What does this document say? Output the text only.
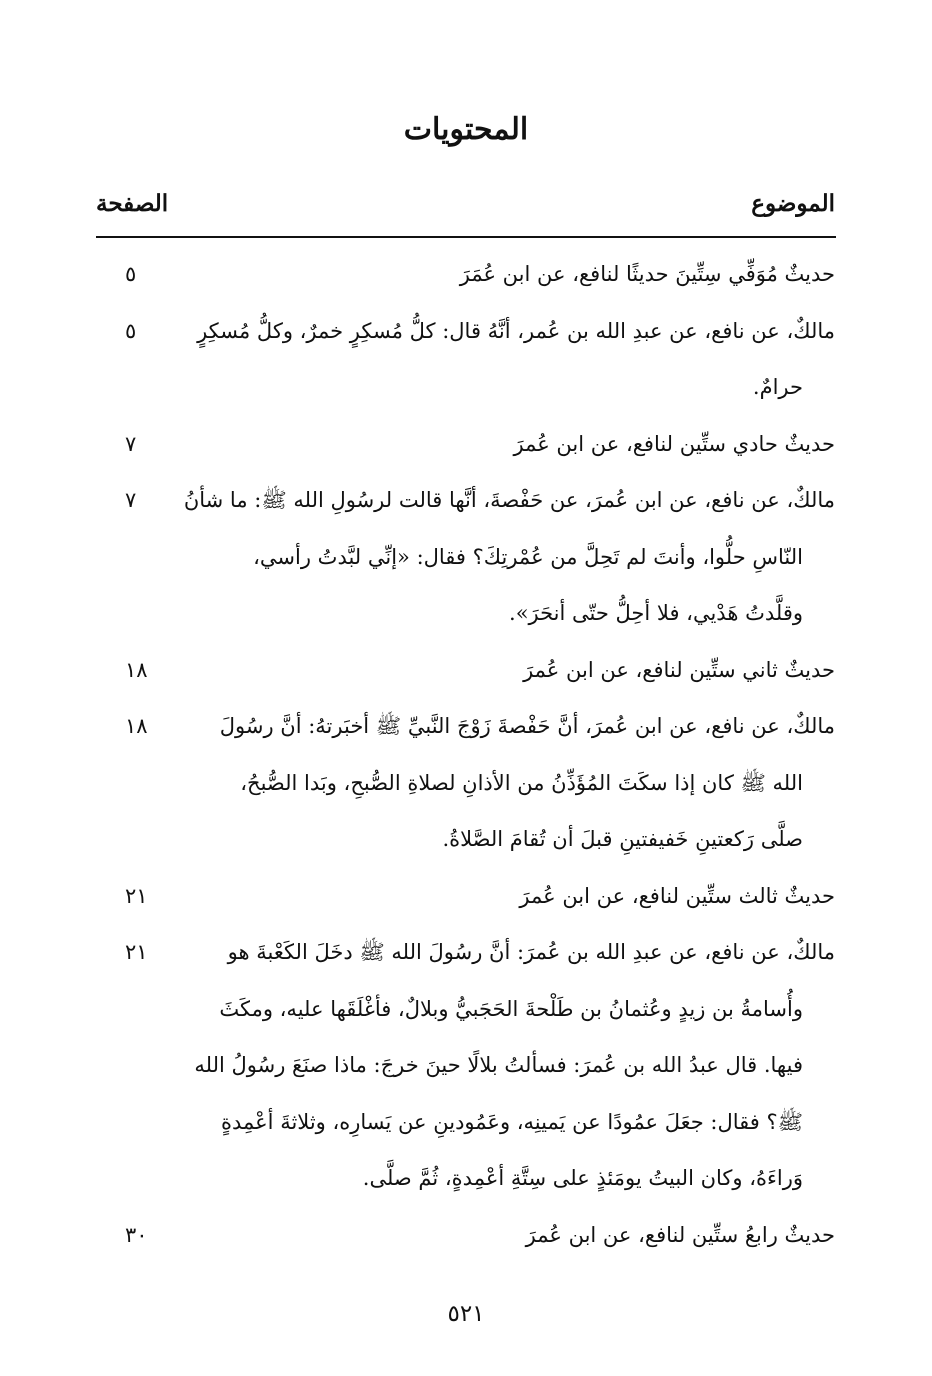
المحتويات
الموضوع
الصفحة
حديثٌ مُوَفِّي سِتِّينَ حديثًا لنافع، عن ابن عُمَرَ
٥
مالكٌ، عن نافع، عن عبدِ الله بن عُمر، أنَّهُ قال: كلُّ مُسكِرٍ خمرٌ، وكلُّ مُسكِرٍ
حرامٌ.
٥
حديثٌ حادي ستِّين لنافع، عن ابن عُمرَ
٧
مالكٌ، عن نافع، عن ابن عُمرَ، عن حَفْصةَ، أنَّها قالت لرسُولِ الله ﷺ: ما شأنُ
النّاسِ حلُّوا، وأنتَ لم تَحِلَّ من عُمْرتِكَ؟ فقال: «إنِّي لبَّدتُ رأسي،
وقلَّدتُ هَدْيي، فلا أحِلُّ حتّى أنحَرَ».
٧
حديثٌ ثاني ستِّين لنافع، عن ابن عُمرَ
١٨
مالكٌ، عن نافع، عن ابن عُمرَ، أنَّ حَفْصةَ زَوْجَ النَّبيِّ ﷺ أخبَرتهُ: أنَّ رسُولَ
الله ﷺ كان إذا سكَتَ المُؤَذِّنُ من الأذانِ لصلاةِ الصُّبحِ، وبَدا الصُّبحُ،
صلَّى رَكعتينِ خَفيفتينِ قبلَ أن تُقامَ الصَّلاةُ.
١٨
حديثٌ ثالث ستِّين لنافع، عن ابن عُمرَ
٢١
مالكٌ، عن نافع، عن عبدِ الله بن عُمرَ: أنَّ رسُولَ الله ﷺ دخَلَ الكَعْبةَ هو
وأُسامةُ بن زيدٍ وعُثمانُ بن طَلْحةَ الحَجَبيُّ وبلالٌ، فأغْلَقَها عليه، ومكَثَ
فيها. قال عبدُ الله بن عُمرَ: فسألتُ بلالًا حينَ خرجَ: ماذا صنَعَ رسُولُ الله
ﷺ؟ فقال: جعَلَ عمُودًا عن يَمينِه، وعَمُودينِ عن يَسارِه، وثلاثةَ أعْمِدةٍ
وَراءَهُ، وكان البيتُ يومَئذٍ على سِتَّةِ أعْمِدةٍ، ثُمَّ صلَّى.
٢١
حديثٌ رابعُ ستِّين لنافع، عن ابن عُمرَ
٣٠
٥٢١
